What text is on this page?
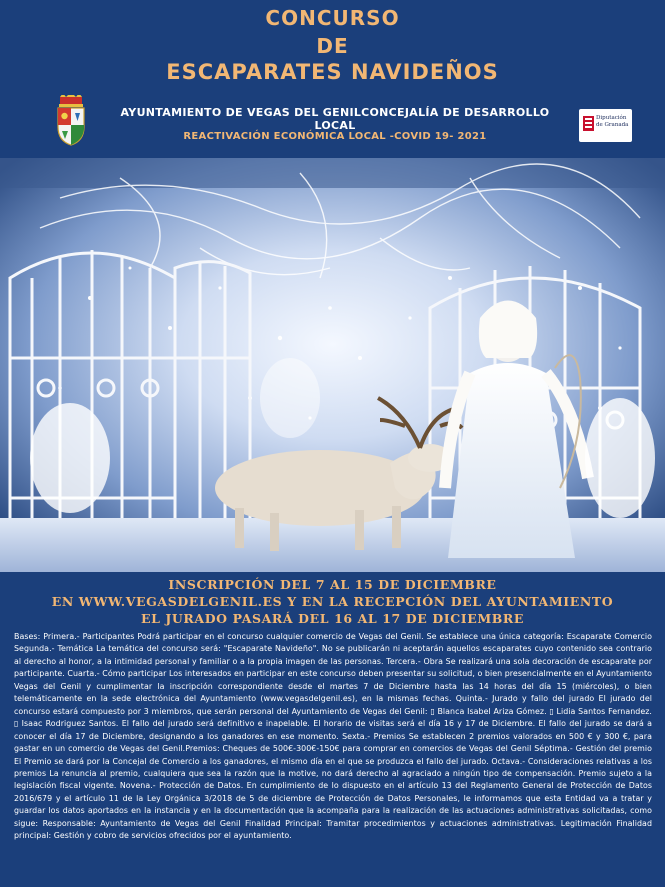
CONCURSO
DE
ESCAPARATES NAVIDEÑOS
AYUNTAMIENTO DE VEGAS DEL GENILCONCEJALÍA DE DESARROLLO LOCAL
REACTIVACIÓN ECONÓMICA LOCAL -COVID 19- 2021
Diputación
de Granada
INSCRIPCIÓN DEL 7 AL 15 DE DICIEMBRE
EN WWW.VEGASDELGENIL.ES Y EN LA RECEPCIÓN DEL AYUNTAMIENTO
EL JURADO PASARÁ DEL 16 AL 17 DE DICIEMBRE

Bases: Primera.- Participantes Podrá participar en el concurso cualquier comercio de Vegas del Genil. Se establece una única categoría: Escaparate Comercio Segunda.- Temática La temática del concurso será: "Escaparate Navideño". No se publicarán ni aceptarán aquellos escaparates cuyo contenido sea contrario al derecho al honor, a la intimidad personal y familiar o a la propia imagen de las personas. Tercera.- Obra Se realizará una sola decoración de escaparate por participante. Cuarta.- Cómo participar Los interesados en participar en este concurso deben presentar su solicitud, o bien presencialmente en el Ayuntamiento Vegas del Genil y cumplimentar la inscripción correspondiente desde el martes 7 de Diciembre hasta las 14 horas del día 15 (miércoles), o bien telemáticamente en la sede electrónica del Ayuntamiento (www.vegasdelgenil.es), en la mismas fechas. Quinta.- Jurado y fallo del jurado El jurado del concurso estará compuesto por 3 miembros, que serán personal del Ayuntamiento de Vegas del Genil: ▯ Blanca Isabel Ariza Gómez. ▯ Lidia Santos Fernandez. ▯ Isaac Rodriguez Santos. El fallo del jurado será definitivo e inapelable. El horario de visitas será el día 16 y 17 de Diciembre. El fallo del jurado se dará a conocer el día 17 de Diciembre, designando a los ganadores en ese momento. Sexta.- Premios Se establecen 2 premios valorados en 500 € y 300 €, para gastar en un comercio de Vegas del Genil.Premios: Cheques de 500€-300€-150€ para comprar en comercios de Vegas del Genil Séptima.- Gestión del premio El Premio se dará por la Concejal de Comercio a los ganadores, el mismo día en el que se produzca el fallo del jurado. Octava.- Consideraciones relativas a los premios La renuncia al premio, cualquiera que sea la razón que la motive, no dará derecho al agraciado a ningún tipo de compensación. Premio sujeto a la legislación fiscal vigente. Novena.- Protección de Datos. En cumplimiento de lo dispuesto en el artículo 13 del Reglamento General de Protección de Datos 2016/679 y el artículo 11 de la Ley Orgánica 3/2018 de 5 de diciembre de Protección de Datos Personales, le informamos que esta Entidad va a tratar y guardar los datos aportados en la instancia y en la documentación que la acompaña para la realización de las actuaciones administrativas solicitadas, como sigue: Responsable: Ayuntamiento de Vegas del Genil Finalidad Principal: Tramitar procedimientos y actuaciones administrativas. Legitimación Finalidad principal: Gestión y cobro de servicios ofrecidos por el ayuntamiento.
